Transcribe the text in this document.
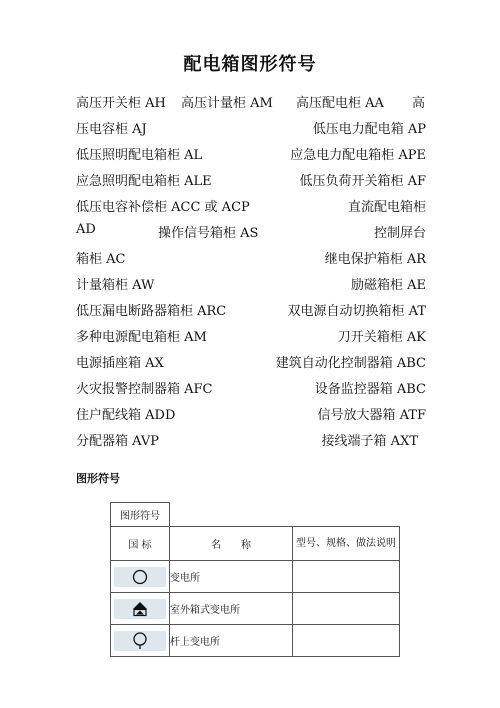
配电箱图形符号
高压开关柜 AH 高压计量柜 AM 高压配电柜 AA 高
压电容柜 AJ	低压电力配电箱 AP
低压照明配电箱柜 AL	应急电力配电箱柜 APE
应急照明配电箱柜 ALE	低压负荷开关箱柜 AF
低压电容补偿柜 ACC 或 ACP	直流配电箱柜
AD	操作信号箱柜 AS	控制屏台
箱柜 AC	继电保护箱柜 AR
计量箱柜 AW	励磁箱柜 AE
低压漏电断路器箱柜 ARC	双电源自动切换箱柜 AT
多种电源配电箱柜 AM	刀开关箱柜 AK
电源插座箱 AX	建筑自动化控制器箱 ABC
火灾报警控制器箱 AFC	设备监控器箱 ABC
住户配线箱 ADD	信号放大器箱 ATF
分配器箱 AVP	接线端子箱 AXT
图形符号
图形符号		
国 标	名　　称	型号、规格、做法说明

	变电所	

	室外箱式变电所	

	杆上变电所	
